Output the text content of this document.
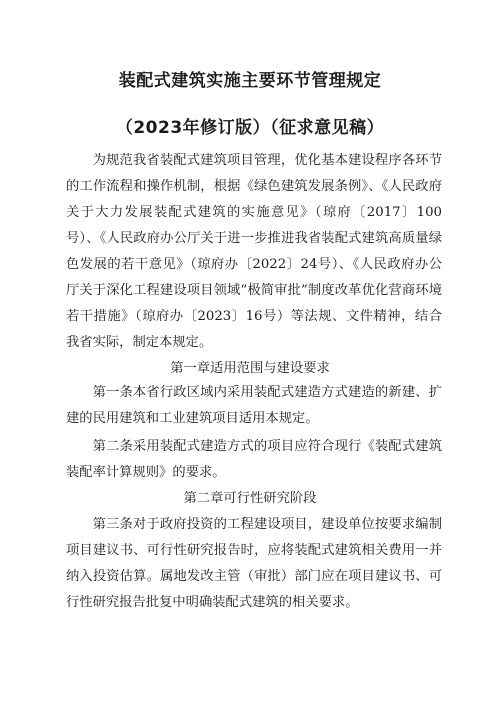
装配式建筑实施主要环节管理规定
（2023年修订版）（征求意见稿）

为规范我省装配式建筑项目管理，优化基本建设程序各环节的工作流程和操作机制，根据《绿色建筑发展条例》、《人民政府关于大力发展装配式建筑的实施意见》（琼府〔2017〕100号）、《人民政府办公厅关于进一步推进我省装配式建筑高质量绿色发展的若干意见》（琼府办〔2022〕24号）、《人民政府办公厅关于深化工程建设项目领域“极简审批”制度改革优化营商环境若干措施》（琼府办〔2023〕16号）等法规、文件精神，结合我省实际，制定本规定。

第一章适用范围与建设要求

第一条本省行政区域内采用装配式建造方式建造的新建、扩建的民用建筑和工业建筑项目适用本规定。

第二条采用装配式建造方式的项目应符合现行《装配式建筑装配率计算规则》的要求。

第二章可行性研究阶段

第三条对于政府投资的工程建设项目，建设单位按要求编制项目建议书、可行性研究报告时，应将装配式建筑相关费用一并纳入投资估算。属地发改主管（审批）部门应在项目建议书、可行性研究报告批复中明确装配式建筑的相关要求。
